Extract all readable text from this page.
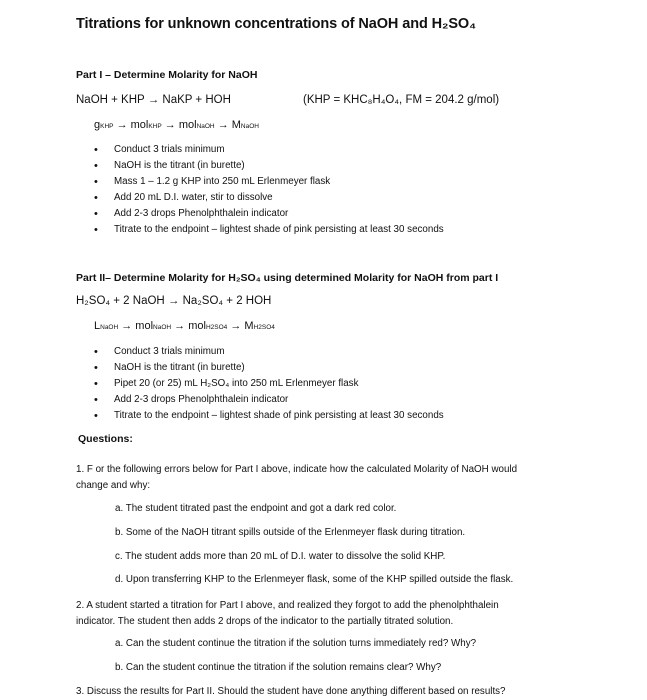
Titrations for unknown concentrations of NaOH and H₂SO₄
Part I – Determine Molarity for NaOH
NaOH + KHP → NaKP + HOH	(KHP = KHC₈H₄O₄, FM = 204.2 g/mol)
gKHP → molKHP → molNaOH → MNaOH
• Conduct 3 trials minimum
• NaOH is the titrant (in burette)
• Mass 1 – 1.2 g KHP into 250 mL Erlenmeyer flask
• Add 20 mL D.I. water, stir to dissolve
• Add 2-3 drops Phenolphthalein indicator
• Titrate to the endpoint – lightest shade of pink persisting at least 30 seconds
Part II– Determine Molarity for H₂SO₄ using determined Molarity for NaOH from part I
H₂SO₄ + 2 NaOH → Na₂SO₄ + 2 HOH
LNaOH → molNaOH → molH2SO4 → MH2SO4
• Conduct 3 trials minimum
• NaOH is the titrant (in burette)
• Pipet 20 (or 25) mL H₂SO₄ into 250 mL Erlenmeyer flask
• Add 2-3 drops Phenolphthalein indicator
• Titrate to the endpoint – lightest shade of pink persisting at least 30 seconds
Questions:
1. F or the following errors below for Part I above, indicate how the calculated Molarity of NaOH would
change and why:
a. The student titrated past the endpoint and got a dark red color.
b. Some of the NaOH titrant spills outside of the Erlenmeyer flask during titration.
c. The student adds more than 20 mL of D.I. water to dissolve the solid KHP.
d. Upon transferring KHP to the Erlenmeyer flask, some of the KHP spilled outside the flask.
2. A student started a titration for Part I above, and realized they forgot to add the phenolphthalein
indicator. The student then adds 2 drops of the indicator to the partially titrated solution.
a. Can the student continue the titration if the solution turns immediately red? Why?
b. Can the student continue the titration if the solution remains clear? Why?
3. Discuss the results for Part II. Should the student have done anything different based on results?
